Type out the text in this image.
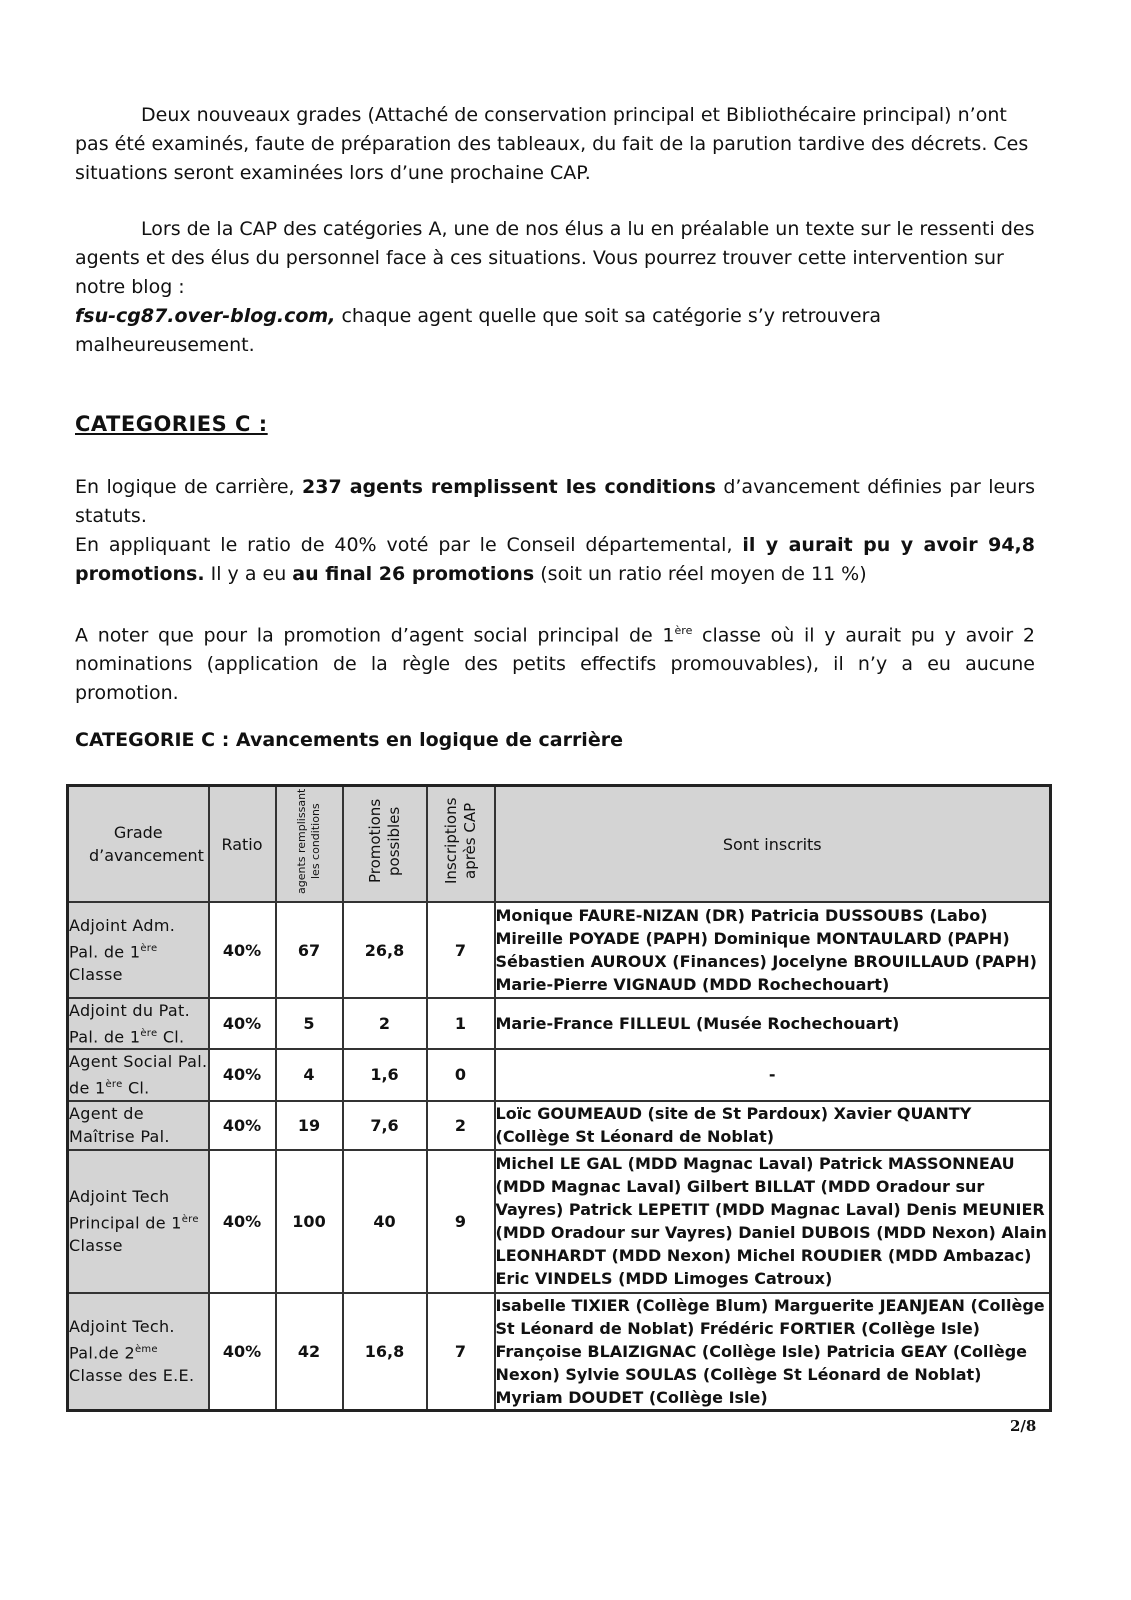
Deux nouveaux grades (Attaché de conservation principal et Bibliothécaire principal) n’ont
pas été examinés, faute de préparation des tableaux, du fait de la parution tardive des décrets. Ces
situations seront examinées lors d’une prochaine CAP.

Lors de la CAP des catégories A, une de nos élus a lu en préalable un texte sur le ressenti des
agents et des élus du personnel face à ces situations. Vous pourrez trouver cette intervention sur
notre blog :
fsu-cg87.over-blog.com, chaque agent quelle que soit sa catégorie s’y retrouvera
malheureusement.

CATEGORIES C :

En logique de carrière, 237 agents remplissent les conditions d’avancement définies par leurs statuts.
En appliquant le ratio de 40% voté par le Conseil départemental, il y aurait pu y avoir 94,8 promotions. Il y a eu au final 26 promotions (soit un ratio réel moyen de 11 %)

A noter que pour la promotion d’agent social principal de 1ère classe où il y aurait pu y avoir 2 nominations (application de la règle des petits effectifs promouvables), il n’y a eu aucune promotion.

CATEGORIE C : Avancements en logique de carrière
Grade d’avancement	Ratio	agents remplissant les conditions	Promotions possibles	Inscriptions après CAP	Sont inscrits
Adjoint Adm. Pal. de 1ère Classe	40%	67	26,8	7	Monique FAURE-NIZAN (DR) Patricia DUSSOUBS (Labo) Mireille POYADE (PAPH) Dominique MONTAULARD (PAPH) Sébastien AUROUX (Finances) Jocelyne BROUILLAUD (PAPH) Marie-Pierre VIGNAUD (MDD Rochechouart)
Adjoint du Pat. Pal. de 1ère Cl.	40%	5	2	1	Marie-France FILLEUL (Musée Rochechouart)
Agent Social Pal. de 1ère Cl.	40%	4	1,6	0	-
Agent de Maîtrise Pal.	40%	19	7,6	2	Loïc GOUMEAUD (site de St Pardoux) Xavier QUANTY (Collège St Léonard de Noblat)
Adjoint Tech Principal de 1ère Classe	40%	100	40	9	Michel LE GAL (MDD Magnac Laval) Patrick MASSONNEAU (MDD Magnac Laval) Gilbert BILLAT (MDD Oradour sur Vayres) Patrick LEPETIT (MDD Magnac Laval) Denis MEUNIER (MDD Oradour sur Vayres) Daniel DUBOIS (MDD Nexon) Alain LEONHARDT (MDD Nexon) Michel ROUDIER (MDD Ambazac) Eric VINDELS (MDD Limoges Catroux)
Adjoint Tech. Pal.de 2ème Classe des E.E.	40%	42	16,8	7	Isabelle TIXIER (Collège Blum) Marguerite JEANJEAN (Collège St Léonard de Noblat) Frédéric FORTIER (Collège Isle) Françoise BLAIZIGNAC (Collège Isle) Patricia GEAY (Collège Nexon) Sylvie SOULAS (Collège St Léonard de Noblat) Myriam DOUDET (Collège Isle)
2/8
